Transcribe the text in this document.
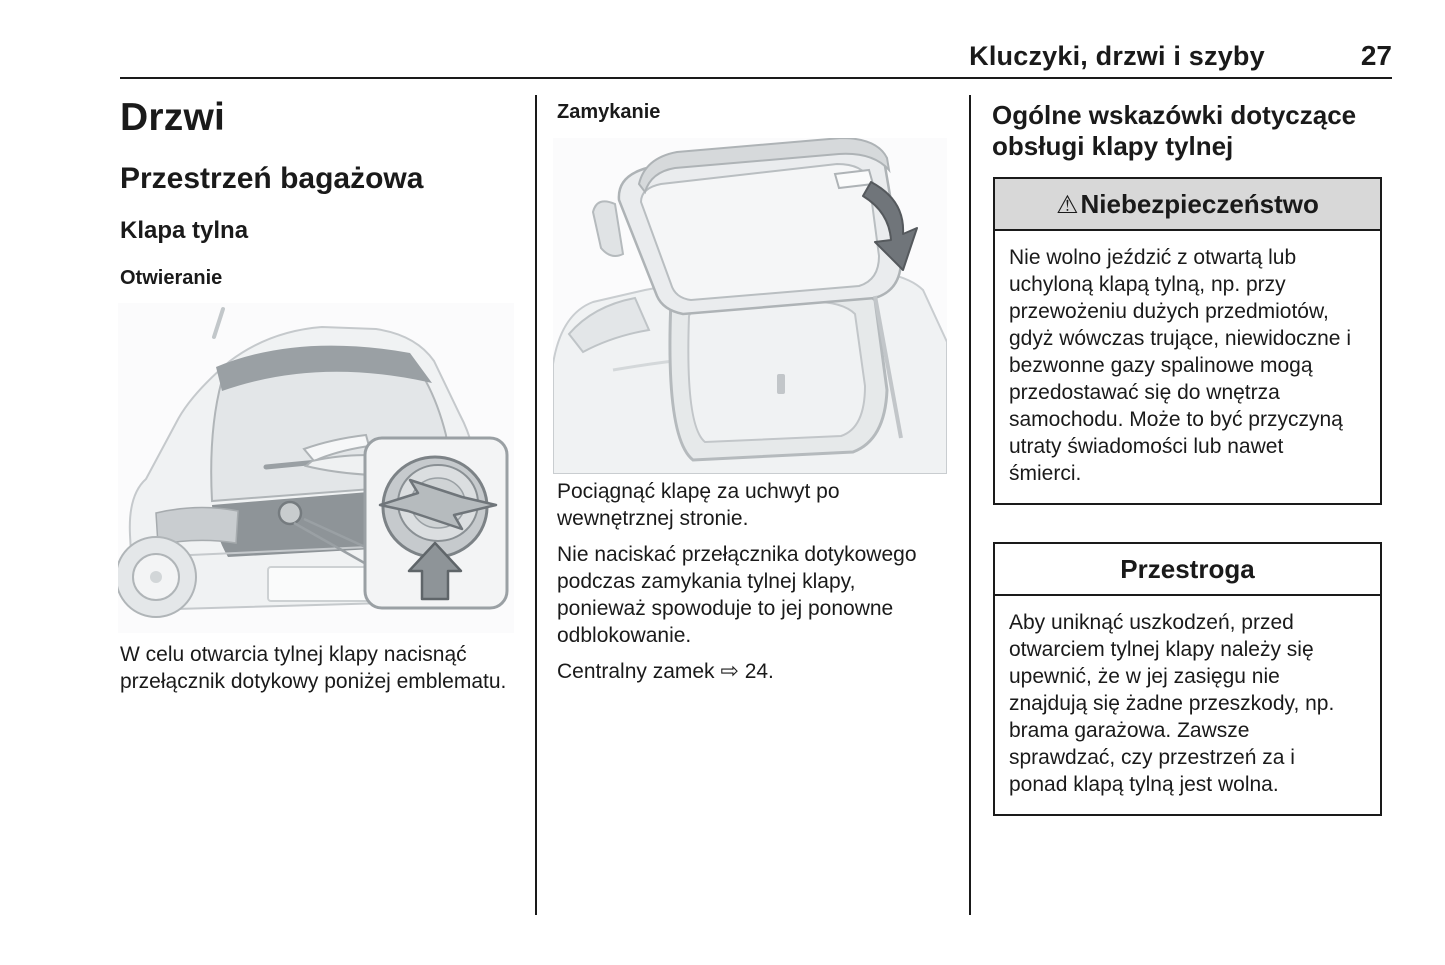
Kluczyki, drzwi i szyby	27
Drzwi
Przestrzeń bagażowa
Klapa tylna
Otwieranie

W celu otwarcia tylnej klapy nacisnąć przełącznik dotykowy poniżej emblematu.

Zamykanie

Pociągnąć klapę za uchwyt po wewnętrznej stronie.

Nie naciskać przełącznika dotykowego podczas zamykania tylnej klapy, ponieważ spowoduje to jej ponowne odblokowanie.

Centralny zamek ⇨ 24.

Ogólne wskazówki dotyczące obsługi klapy tylnej
⚠Niebezpieczeństwo
Nie wolno jeździć z otwartą lub uchyloną klapą tylną, np. przy przewożeniu dużych przedmiotów, gdyż wówczas trujące, niewidoczne i bezwonne gazy spalinowe mogą przedostawać się do wnętrza samochodu. Może to być przyczyną utraty świadomości lub nawet śmierci.
Przestroga
Aby uniknąć uszkodzeń, przed otwarciem tylnej klapy należy się upewnić, że w jej zasięgu nie znajdują się żadne przeszkody, np. brama garażowa. Zawsze sprawdzać, czy przestrzeń za i ponad klapą tylną jest wolna.
